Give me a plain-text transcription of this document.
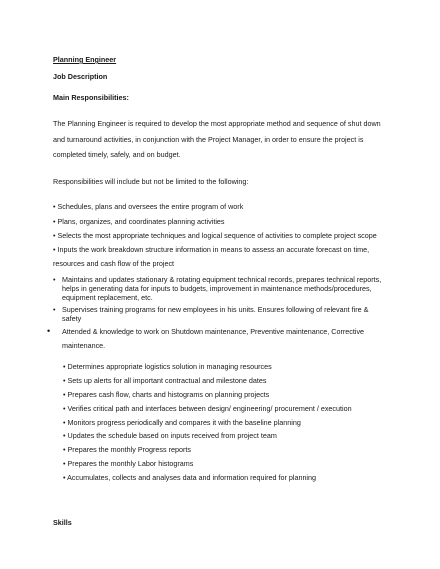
Planning Engineer
Job Description
Main Responsibilities:
The Planning Engineer is required to develop the most appropriate method and sequence of shut down
and turnaround activities, in conjunction with the Project Manager, in order to ensure the project is
completed timely, safely, and on budget.
Responsibilities will include but not be limited to the following:
• Schedules, plans and oversees the entire program of work
• Plans, organizes, and coordinates planning activities
• Selects the most appropriate techniques and logical sequence of activities to complete project scope
• Inputs the work breakdown structure information in means to assess an accurate forecast on time,
resources and cash flow of the project
• Maintains and updates stationary & rotating equipment technical records, prepares technical reports, helps in generating data for inputs to budgets, improvement in maintenance methods/procedures, equipment replacement, etc.
• Supervises training programs for new employees in his units. Ensures following of relevant fire & safety
• Attended & knowledge to work on Shutdown maintenance, Preventive maintenance, Corrective
maintenance.
• Determines appropriate logistics solution in managing resources
• Sets up alerts for all important contractual and milestone dates
• Prepares cash flow, charts and histograms on planning projects
• Verifies critical path and interfaces between design/ engineering/ procurement / execution
• Monitors progress periodically and compares it with the baseline planning
• Updates the schedule based on inputs received from project team
• Prepares the monthly Progress reports
• Prepares the monthly Labor histograms
• Accumulates, collects and analyses data and information required for planning
Skills
